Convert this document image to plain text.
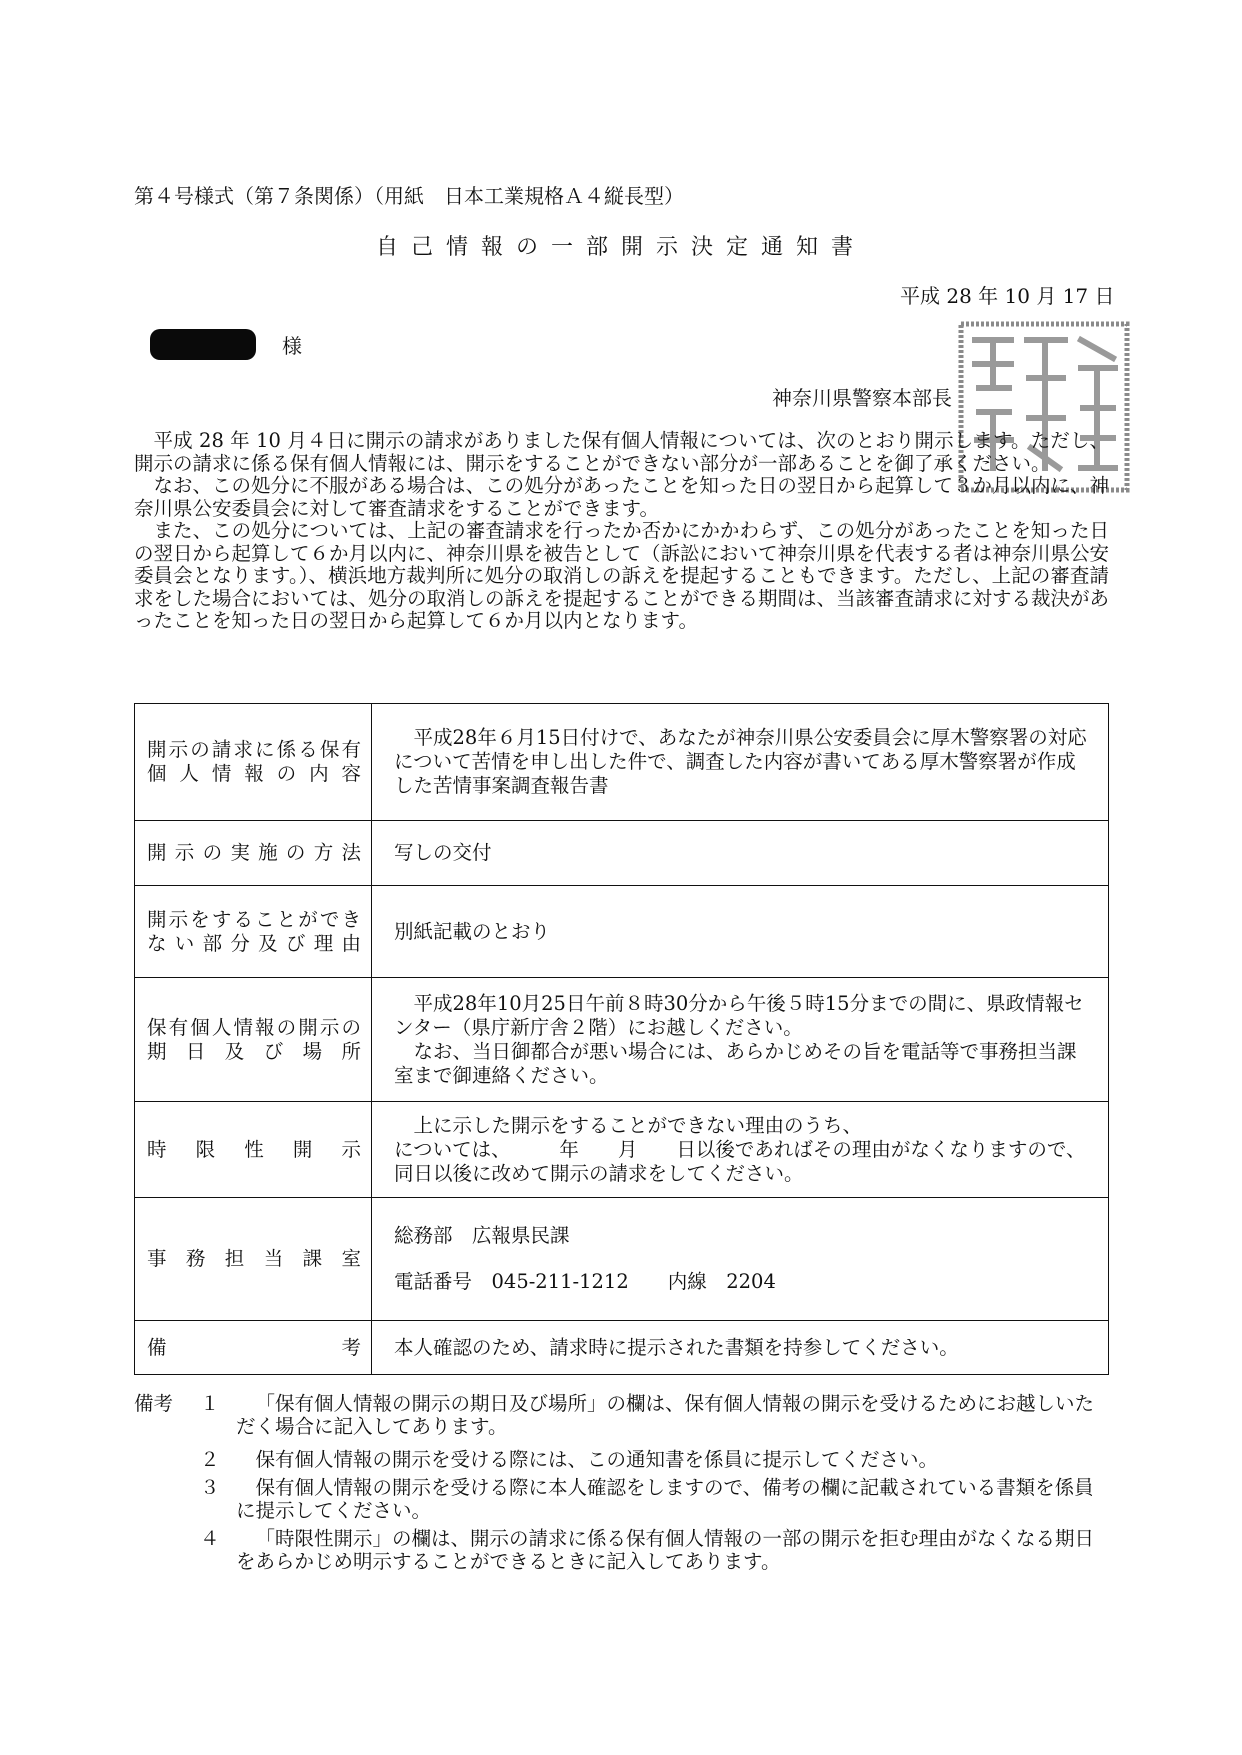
第４号様式（第７条関係）（用紙　日本工業規格Ａ４縦長型）
自己情報の一部開示決定通知書
平成 28 年 10 月 17 日
様
神奈川県警察本部長
神奈川県警察本部長之印

平成 28 年 10 月４日に開示の請求がありました保有個人情報については、次のとおり開示します。ただし、開示の請求に係る保有個人情報には、開示をすることができない部分が一部あることを御了承ください。

なお、この処分に不服がある場合は、この処分があったことを知った日の翌日から起算して３か月以内に、神奈川県公安委員会に対して審査請求をすることができます。

また、この処分については、上記の審査請求を行ったか否かにかかわらず、この処分があったことを知った日の翌日から起算して６か月以内に、神奈川県を被告として（訴訟において神奈川県を代表する者は神奈川県公安委員会となります。）、横浜地方裁判所に処分の取消しの訴えを提起することもできます。ただし、上記の審査請求をした場合においては、処分の取消しの訴えを提起することができる期間は、当該審査請求に対する裁決があったことを知った日の翌日から起算して６か月以内となります。

開示の請求に係る保有個人情報の内容	平成28年６月15日付けで、あなたが神奈川県公安委員会に厚木警察署の対応について苦情を申し出した件で、調査した内容が書いてある厚木警察署が作成した苦情事案調査報告書
開示の実施の方法	写しの交付

開示をすることができない部分及び理由	別紙記載のとおり

保有個人情報の開示の期日及び場所	平成28年10月25日午前８時30分から午後５時15分までの間に、県政情報センター（県庁新庁舎２階）にお越しください。
なお、当日御都合が悪い場合には、あらかじめその旨を電話等で事務担当課室まで御連絡ください。

時限性開示	上に示した開示をすることができない理由のうち、
については、　　　年　　月　　日以後であればその理由がなくなりますので、同日以後に改めて開示の請求をしてください。

事務担当課室	総務部　広報県民課
電話番号　045-211-1212　　内線　2204

備　　考	本人確認のため、請求時に提示された書類を持参してください。
備考 １	「保有個人情報の開示の期日及び場所」の欄は、保有個人情報の開示を受けるためにお越しいただく場合に記入してあります。
２	保有個人情報の開示を受ける際には、この通知書を係員に提示してください。
３	保有個人情報の開示を受ける際に本人確認をしますので、備考の欄に記載されている書類を係員に提示してください。
４	「時限性開示」の欄は、開示の請求に係る保有個人情報の一部の開示を拒む理由がなくなる期日をあらかじめ明示することができるときに記入してあります。
